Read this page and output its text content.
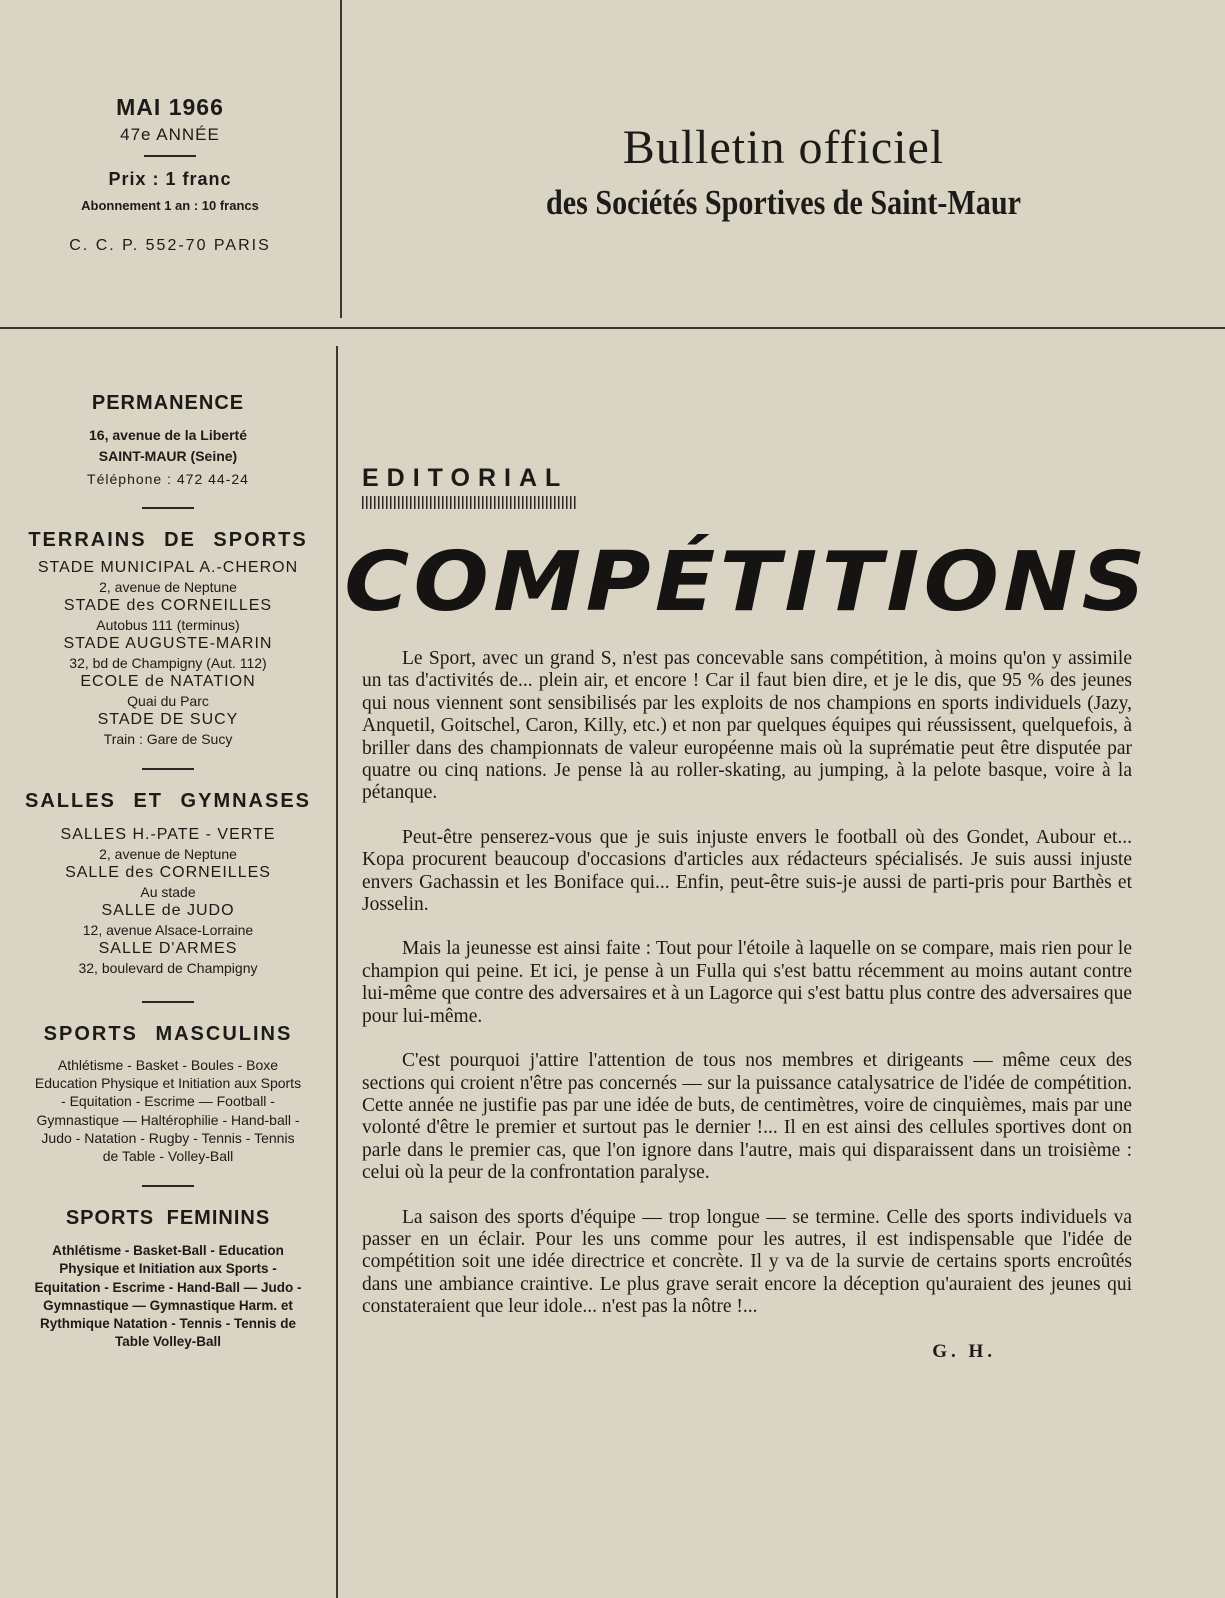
MAI 1966
47e ANNÉE
Prix : 1 franc
Abonnement 1 an : 10 francs
C. C. P. 552-70 PARIS
Bulletin officiel
des Sociétés Sportives de Saint-Maur
PERMANENCE
16, avenue de la Liberté
SAINT-MAUR (Seine)
Téléphone : 472 44-24
TERRAINS DE SPORTS
STADE MUNICIPAL A.-CHERON
2, avenue de Neptune
STADE des CORNEILLES
Autobus 111 (terminus)
STADE AUGUSTE-MARIN
32, bd de Champigny (Aut. 112)
ECOLE de NATATION
Quai du Parc
STADE DE SUCY
Train : Gare de Sucy
SALLES ET GYMNASES
SALLES H.-PATE - VERTE
2, avenue de Neptune
SALLE des CORNEILLES
Au stade
SALLE de JUDO
12, avenue Alsace-Lorraine
SALLE D'ARMES
32, boulevard de Champigny
SPORTS MASCULINS
Athlétisme - Basket - Boules - Boxe Education Physique et Initiation aux Sports - Equitation - Escrime — Football - Gymnastique — Haltérophilie - Hand-ball - Judo - Natation - Rugby - Tennis - Tennis de Table - Volley-Ball
SPORTS FEMININS
Athlétisme - Basket-Ball - Education Physique et Initiation aux Sports - Equitation - Escrime - Hand-Ball — Judo - Gymnastique — Gymnastique Harm. et Rythmique Natation - Tennis - Tennis de Table Volley-Ball
EDITORIAL
COMPÉTITIONS

Le Sport, avec un grand S, n'est pas concevable sans compétition, à moins qu'on y assimile un tas d'activités de... plein air, et encore ! Car il faut bien dire, et je le dis, que 95 % des jeunes qui nous viennent sont sensibilisés par les exploits de nos champions en sports individuels (Jazy, Anquetil, Goitschel, Caron, Killy, etc.) et non par quelques équipes qui réussissent, quelquefois, à briller dans des championnats de valeur européenne mais où la suprématie peut être disputée par quatre ou cinq nations. Je pense là au roller-skating, au jumping, à la pelote basque, voire à la pétanque.

Peut-être penserez-vous que je suis injuste envers le football où des Gondet, Aubour et... Kopa procurent beaucoup d'occasions d'articles aux rédacteurs spécialisés. Je suis aussi injuste envers Gachassin et les Boniface qui... Enfin, peut-être suis-je aussi de parti-pris pour Barthès et Josselin.

Mais la jeunesse est ainsi faite : Tout pour l'étoile à laquelle on se compare, mais rien pour le champion qui peine. Et ici, je pense à un Fulla qui s'est battu récemment au moins autant contre lui-même que contre des adversaires et à un Lagorce qui s'est battu plus contre des adversaires que pour lui-même.

C'est pourquoi j'attire l'attention de tous nos membres et dirigeants — même ceux des sections qui croient n'être pas concernés — sur la puissance catalysatrice de l'idée de compétition. Cette année ne justifie pas par une idée de buts, de centimètres, voire de cinquièmes, mais par une volonté d'être le premier et surtout pas le dernier !... Il en est ainsi des cellules sportives dont on parle dans le premier cas, que l'on ignore dans l'autre, mais qui disparaissent dans un troisième : celui où la peur de la confrontation paralyse.

La saison des sports d'équipe — trop longue — se termine. Celle des sports individuels va passer en un éclair. Pour les uns comme pour les autres, il est indispensable que l'idée de compétition soit une idée directrice et concrète. Il y va de la survie de certains sports encroûtés dans une ambiance craintive. Le plus grave serait encore la déception qu'auraient des jeunes qui constateraient que leur idole... n'est pas la nôtre !...

G. H.
